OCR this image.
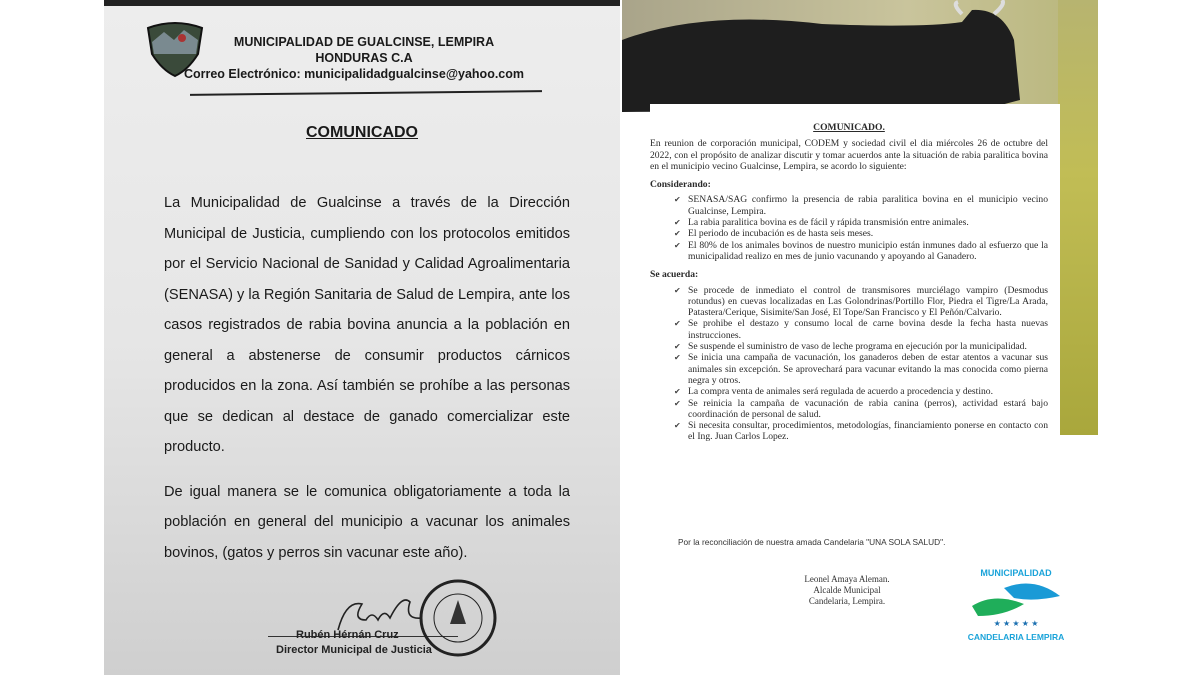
MUNICIPALIDAD DE GUALCINSE, LEMPIRA
HONDURAS C.A
Correo Electrónico: municipalidadgualcinse@yahoo.com
COMUNICADO

La Municipalidad de Gualcinse a través de la Dirección Municipal de Justicia, cumpliendo con los protocolos emitidos por el Servicio Nacional de Sanidad y Calidad Agroalimentaria (SENASA) y la Región Sanitaria de Salud de Lempira, ante los casos registrados de rabia bovina anuncia a la población en general a abstenerse de consumir productos cárnicos producidos en la zona. Así también se prohíbe a las personas que se dedican al destace de ganado comercializar este producto.

De igual manera se le comunica obligatoriamente a toda la población en general del municipio a vacunar los animales bovinos, (gatos y perros sin vacunar este año).

Rubén Hérnán Cruz
Director Municipal de Justicia
COMUNICADO.

En reunion de corporación municipal, CODEM y sociedad civil el dia miércoles 26 de octubre del 2022, con el propósito de analizar discutir y tomar acuerdos ante la situación de rabia paralitica bovina en el municipio vecino Gualcinse, Lempira, se acordo lo siguiente:

Considerando:
✔ SENASA/SAG confirmo la presencia de rabia paralitica bovina en el municipio vecino Gualcinse, Lempira.
✔ La rabia paralitica bovina es de fácil y rápida transmisión entre animales.
✔ El periodo de incubación es de hasta seis meses.
✔ El 80% de los animales bovinos de nuestro municipio están inmunes dado al esfuerzo que la municipalidad realizo en mes de junio vacunando y apoyando al Ganadero.
Se acuerda:
✔ Se procede de inmediato el control de transmisores murciélago vampiro (Desmodus rotundus) en cuevas localizadas en Las Golondrinas/Portillo Flor, Piedra el Tigre/La Arada, Patastera/Cerique, Sisimite/San José, El Tope/San Francisco y El Peñón/Calvario.
✔ Se prohibe el destazo y consumo local de carne bovina desde la fecha hasta nuevas instrucciones.
✔ Se suspende el suministro de vaso de leche programa en ejecución por la municipalidad.
✔ Se inicia una campaña de vacunación, los ganaderos deben de estar atentos a vacunar sus animales sin excepción. Se aprovechará para vacunar evitando la mas conocida como pierna negra y otros.
✔ La compra venta de animales será regulada de acuerdo a procedencia y destino.
✔ Se reinicia la campaña de vacunación de rabia canina (perros), actividad estará bajo coordinación de personal de salud.
✔ Si necesita consultar, procedimientos, metodologías, financiamiento ponerse en contacto con el Ing. Juan Carlos Lopez.
Por la reconciliación de nuestra amada Candelaria "UNA SOLA SALUD".
Leonel Amaya Aleman.
Alcalde Municipal
Candelaria, Lempira.
MUNICIPALIDAD
★ ★ ★ ★ ★
CANDELARIA LEMPIRA
